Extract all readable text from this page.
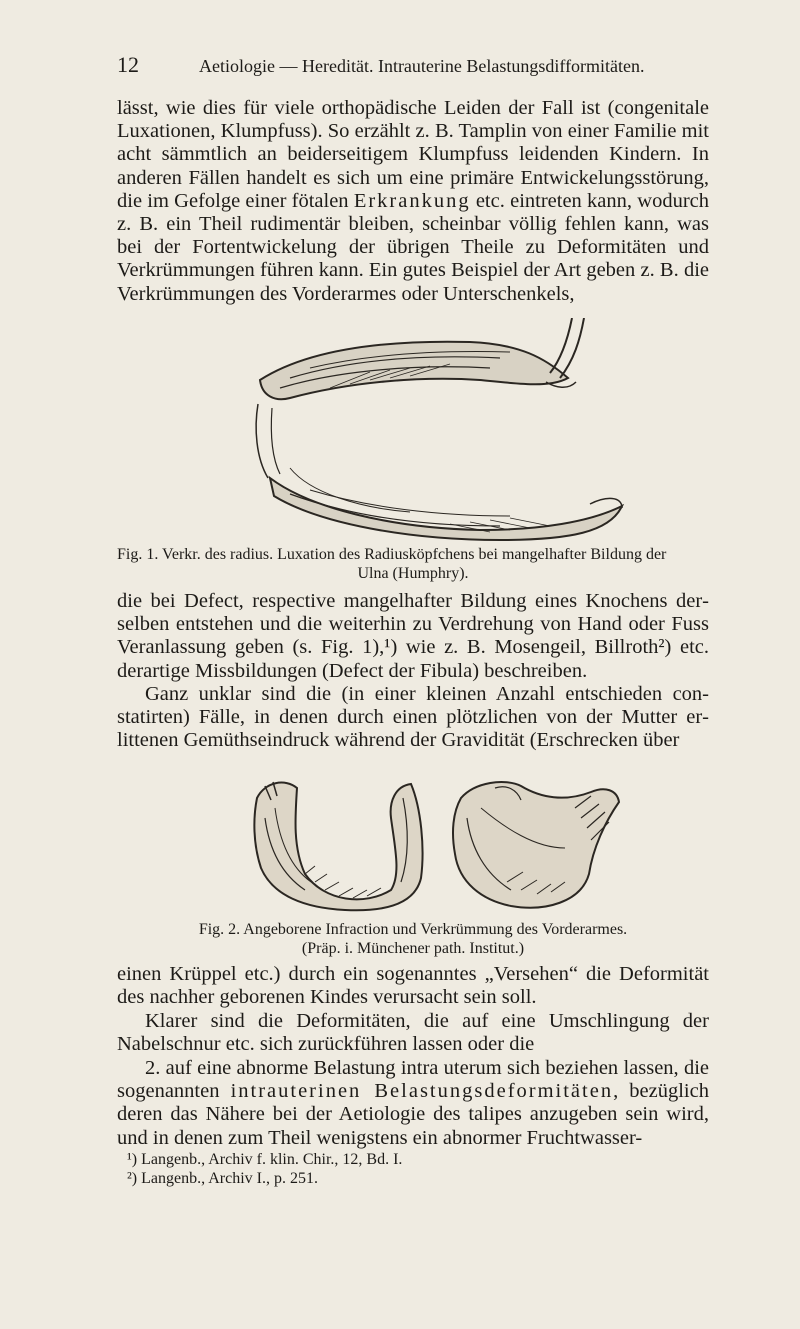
12	Aetiologie — Heredität. Intrauterine Belastungsdifformitäten.

lässt, wie dies für viele orthopädische Leiden der Fall ist (congenitale Luxationen, Klumpfuss). So erzählt z. B. Tamplin von einer Familie mit acht sämmtlich an beiderseitigem Klumpfuss leidenden Kindern. In anderen Fällen handelt es sich um eine primäre Entwickelungsstörung, die im Gefolge einer fötalen Erkrankung etc. eintreten kann, wodurch z. B. ein Theil rudimentär bleiben, scheinbar völlig fehlen kann, was bei der Fortentwickelung der übrigen Theile zu Deformitäten und Verkrümmungen führen kann. Ein gutes Beispiel der Art geben z. B. die Verkrümmungen des Vorderarmes oder Unterschenkels,

Fig. 1. Verkr. des radius. Luxation des Radiusköpfchens bei mangelhafter Bildung der
Ulna (Humphry).

die bei Defect, respective mangelhafter Bildung eines Knochens derselben entstehen und die weiterhin zu Verdrehung von Hand oder Fuss Veranlassung geben (s. Fig. 1),¹) wie z. B. Mosengeil, Billroth²) etc. derartige Missbildungen (Defect der Fibula) beschreiben.

Ganz unklar sind die (in einer kleinen Anzahl entschieden constatirten) Fälle, in denen durch einen plötzlichen von der Mutter erlittenen Gemüthseindruck während der Gravidität (Erschrecken über

Fig. 2. Angeborene Infraction und Verkrümmung des Vorderarmes.
(Präp. i. Münchener path. Institut.)

einen Krüppel etc.) durch ein sogenanntes „Versehen“ die Deformität des nachher geborenen Kindes verursacht sein soll.

Klarer sind die Deformitäten, die auf eine Umschlingung der Nabelschnur etc. sich zurückführen lassen oder die

2. auf eine abnorme Belastung intra uterum sich beziehen lassen, die sogenannten intrauterinen Belastungsdeformitäten, bezüglich deren das Nähere bei der Aetiologie des talipes anzugeben sein wird, und in denen zum Theil wenigstens ein abnormer Fruchtwasser-

¹) Langenb., Archiv f. klin. Chir., 12, Bd. I.
²) Langenb., Archiv I., p. 251.
